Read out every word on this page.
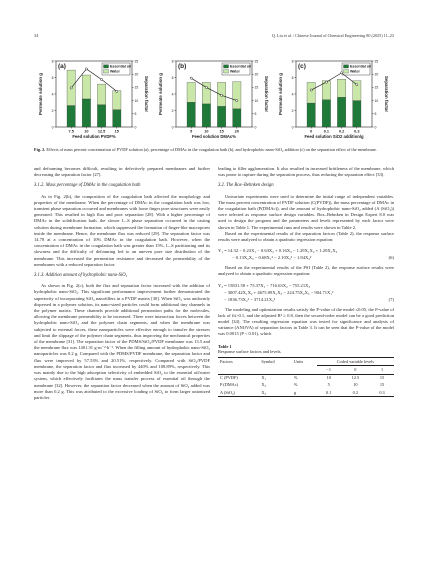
34	Q. Liu et al. / Chinese Journal of Chemical Engineering 80 (2025) 11–23
(a)
0
2
4
6
8
0
5
10
15
20
25
Permeate solution g	Separation factor
Essential oil
Water
7.5	10 12.5 15
Feed solution PVDF%
(b)
0
2
4
6
8
0
5
10
15
20
25
Permeate solution g	Separation factor
Essential oil
Water
5	10	15	20
Feed solution DMAc%
(c)
0
2
4
6
8
0
5
10
15
20
25
Permeate solution g	Separation factor
Essential oil
Water
0	0.1	0.2	0.3
Feed solution SiO2 addition/g
Fig. 2. Effects of mass percent concentration of PVDF solution (a), percentage of DMAc in the coagulation bath (b), and hydrophobic nano-SiO₂ addition (c) on the separation effect of the membrane.

and defoaming becomes difficult, resulting in defectively prepared membranes and further decreasing the separation factor [27].

3.1.2. Mass percentage of DMAc in the coagulation bath

As in Fig. 2(b), the composition of the coagulation bath affected the morphology and properties of the membrane. When the percentage of DMAc in the coagulation bath was low, transient phase separation occurred and membranes with loose finger pore structures were easily generated. This resulted in high flux and poor separation [28]. With a higher percentage of DMAc in the solidification bath, the slower L–S phase separation occurred in the casting solution during membrane formation, which suppressed the formation of finger-like macropores inside the membrane. Hence, the membrane flux was reduced [29]. The separation factor was 14.78 at a concentration of 10% DMAc in the coagulation bath. However, when the concentration of DMAc in the coagulation bath was greater than 15%, L–S partitioning and its slowness and the difficulty of defoaming led to an uneven pore size distribution of the membrane. This increased the permeation resistance and decreased the permeability of the membranes with a reduced separation factor.

3.1.3. Addition amount of hydrophobic nano-SiO₂

As shown in Fig. 2(c), both the flux and separation factor increased with the addition of hydrophobic nano-SiO₂. This significant performance improvement further demonstrated the superiority of incorporating SiO₂ nanofillers in a PVDF matrix [30]. When SiO₂ was uniformly dispersed in a polymer solution, its nano-sized particles could form additional tiny channels in the polymer matrix. These channels provide additional permeation paths for the molecules, allowing the membrane permeability to be increased. There were interaction forces between the hydrophobic nano-SiO₂ and the polymer chain segments, and when the membrane was subjected to external forces, these nanoparticles were effective enough to transfer the stresses and limit the slippage of the polymer chain segments, thus improving the mechanical properties of the membrane [31]. The separation factor of the PDMS/SiO₂/PVDF membrane was 13.5 and the membrane flux was 1401.31 g·m⁻²·h⁻¹. When the filling amount of hydrophobic nano-SiO₂ nanoparticles was 0.2 g. Compared with the PDMS/PVDF membrane, the separation factor and flux were improved by 57.53% and 20.51%, respectively. Compared with SiO₂/PVDF membrane, the separation factor and flux increased by 440% and 108.89%, respectively. This was mainly due to the high adsorption selectivity of embedded SiO₂ to the essential oil/water system, which effectively facilitates the mass transfer process of essential oil through the membrane [32]. However, the separation factor decreased when the amount of SiO₂ added was more than 0.2 g. This was attributed to the excessive loading of SiO₂ to form larger unionized particles

leading to filler agglomeration. It also resulted in increased brittleness of the membrane, which was prone to rupture during the separation process, thus reducing the separation effect [33].

3.2. The Box–Behnken design

Univariate experiments were used to determine the initial range of independent variables. The mass percent concentration of PVDF solution (C(PVDF)), the mass percentage of DMAc in the coagulation bath (P(DMAc)), and the amount of hydrophobic nano-SiO₂ added (A (SiO₂)) were selected as response surface design variables. Box–Behnken in Design Expert 8.0 was used to design the program and the parameters and levels represented by each factor were shown in Table 1. The experimental runs and results were shown in Table 2.

Based on the experimental results of the separation factors (Table 2), the response surface results were analyzed to obtain a quadratic regression equation:

Y₁ = 14.32 − 0.23X₁ − 0.63X₂ + 0.16X₃ − 1.29X₁X₂ + 1.20X₁X₃
− 0.13X₂X₃ − 0.68X₁² − 2.10X₂² − 1.84X₃²	(6)

Based on the experimental results of the PSI (Table 2), the response surface results were analyzed to obtain a quadratic regression equation:

Y₂ = 15831.58 + 75.37X₁ − 716.63X₂ − 755.21X₃
− 3007.42X₁X₂ + 4675.09X₁X₃ − 224.75X₂X₃ − 904.71X₁²
− 1836.73X₂² − 3714.21X₃²	(7)

The modeling and optimization results satisfy the P-value of the model ≤0.05, the P-value of lack of fit>0.1, and the adjusted R² ≥ 0.8, then the second-order model can be a good prediction model [34]. The resulting regression equation was tested for significance and analysis of variance (ANOVA) of separation factors in Table 3. It can be seen that the P-value of the model was 0.0015 (P < 0.01), which

Table 1
Response surface factors and levels.
Factors	Symbol	Units	Coded variable levels		
			−1	0	1
C (PVDF)	X₁	%	10	12.5	15
P (DMAc)	X₂	%	5	10	15
A (SiO₂)	X₃	g	0.1	0.2	0.3
